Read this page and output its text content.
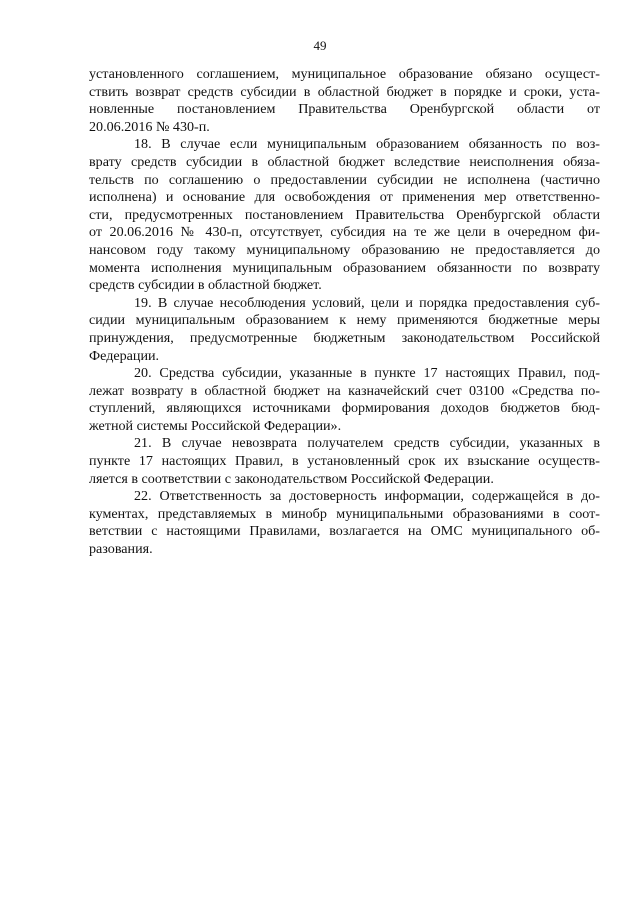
49
установленного соглашением, муниципальное образование обязано осущест-
ствить возврат средств субсидии в областной бюджет в порядке и сроки, уста-
новленные постановлением Правительства Оренбургской области от
20.06.2016 № 430-п.
18. В случае если муниципальным образованием обязанность по воз-
врату средств субсидии в областной бюджет вследствие неисполнения обяза-
тельств по соглашению о предоставлении субсидии не исполнена (частично
исполнена) и основание для освобождения от применения мер ответственно-
сти, предусмотренных постановлением Правительства Оренбургской области
от 20.06.2016 № 430-п, отсутствует, субсидия на те же цели в очередном фи-
нансовом году такому муниципальному образованию не предоставляется до
момента исполнения муниципальным образованием обязанности по возврату
средств субсидии в областной бюджет.
19. В случае несоблюдения условий, цели и порядка предоставления суб-
сидии муниципальным образованием к нему применяются бюджетные меры
принуждения, предусмотренные бюджетным законодательством Российской
Федерации.
20. Средства субсидии, указанные в пункте 17 настоящих Правил, под-
лежат возврату в областной бюджет на казначейский счет 03100 «Средства по-
ступлений, являющихся источниками формирования доходов бюджетов бюд-
жетной системы Российской Федерации».
21. В случае невозврата получателем средств субсидии, указанных в
пункте 17 настоящих Правил, в установленный срок их взыскание осуществ-
ляется в соответствии с законодательством Российской Федерации.
22. Ответственность за достоверность информации, содержащейся в до-
кументах, представляемых в минобр муниципальными образованиями в соот-
ветствии с настоящими Правилами, возлагается на ОМС муниципального об-
разования.
